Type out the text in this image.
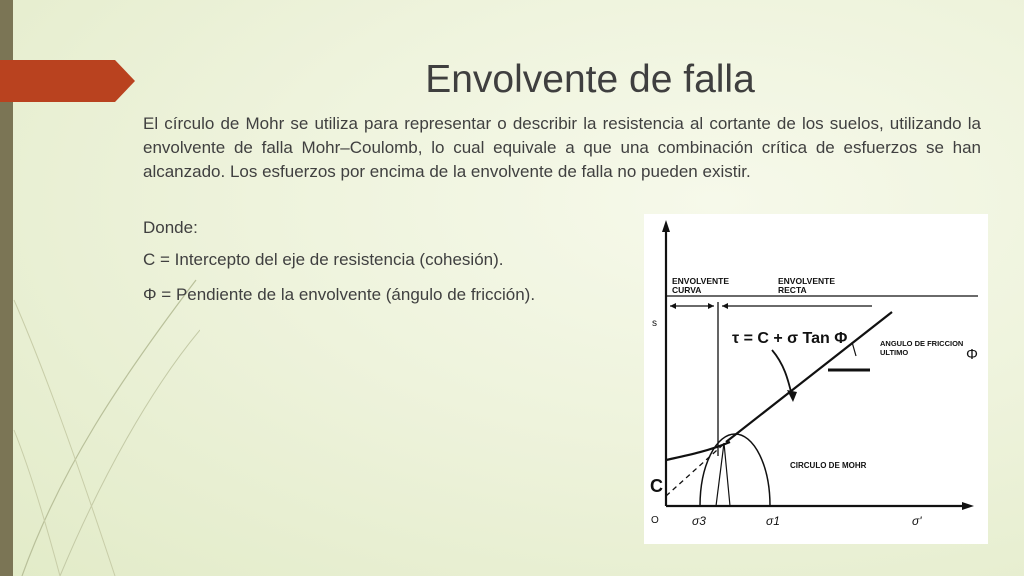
Envolvente de falla
El círculo de Mohr se utiliza para representar o describir la resistencia al cortante de los suelos, utilizando la envolvente de falla Mohr–Coulomb, lo cual equivale a que una combinación crítica de esfuerzos se han alcanzado. Los esfuerzos por encima de la envolvente de falla no pueden existir.
Donde:
C = Intercepto del eje de resistencia (cohesión).
Φ = Pendiente de la envolvente (ángulo de fricción).
ENVOLVENTE
CURVA
ENVOLVENTE
RECTA
s
τ = C + σ Tan Φ	ANGULO DE FRICCION
ULTIMO	Φ
CIRCULO DE MOHR
C
O	σ3	σ1	σ'
